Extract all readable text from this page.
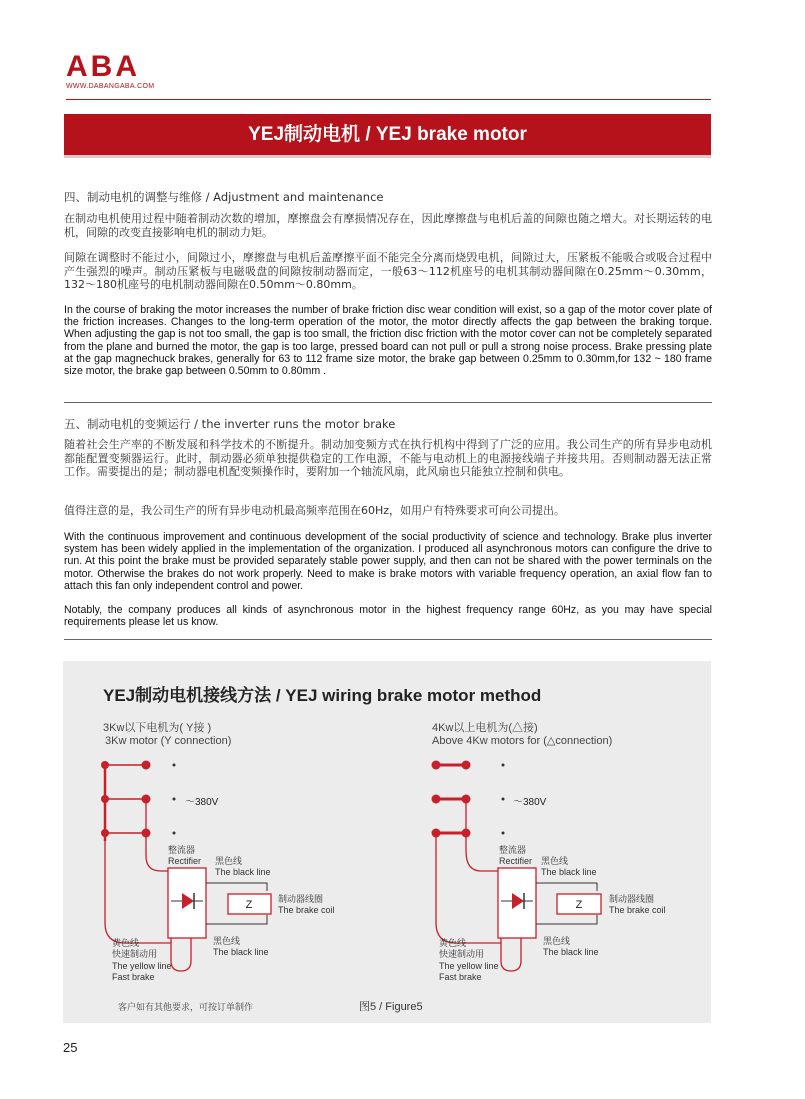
ABA
WWW.DABANGABA.COM
YEJ制动电机 / YEJ brake motor
四、制动电机的调整与维修 / Adjustment and maintenance

在制动电机使用过程中随着制动次数的增加，摩擦盘会有摩损情况存在，因此摩擦盘与电机后盖的间隙也随之增大。对长期运转的电机，间隙的改变直接影响电机的制动力矩。

间隙在调整时不能过小，间隙过小，摩擦盘与电机后盖摩擦平面不能完全分离而烧毁电机，间隙过大，压紧板不能吸合或吸合过程中产生强烈的噪声。制动压紧板与电磁吸盘的间隙按制动器而定，一般63～112机座号的电机其制动器间隙在0.25mm～0.30mm，132～180机座号的电机制动器间隙在0.50mm～0.80mm。

In the course of braking the motor increases the number of brake friction disc wear condition will exist, so a gap of the motor cover plate of the friction increases. Changes to the long-term operation of the motor, the motor directly affects the gap between the braking torque. When adjusting the gap is not too small, the gap is too small, the friction disc friction with the motor cover can not be completely separated from the plane and burned the motor, the gap is too large, pressed board can not pull or pull a strong noise process. Brake pressing plate at the gap magnechuck brakes, generally for 63 to 112 frame size motor, the brake gap between 0.25mm to 0.30mm,for 132 ~ 180 frame size motor, the brake gap between 0.50mm to 0.80mm .

五、制动电机的变频运行 / the inverter runs the motor brake

随着社会生产率的不断发展和科学技术的不断提升。制动加变频方式在执行机构中得到了广泛的应用。我公司生产的所有异步电动机都能配置变频器运行。此时，制动器必须单独提供稳定的工作电源，不能与电动机上的电源接线端子并接共用。否则制动器无法正常工作。需要提出的是；制动器电机配变频操作时，要附加一个轴流风扇，此风扇也只能独立控制和供电。

值得注意的是，我公司生产的所有异步电动机最高频率范围在60Hz，如用户有特殊要求可向公司提出。

With the continuous improvement and continuous development of the social productivity of science and technology. Brake plus inverter system has been widely applied in the implementation of the organization. I produced all asynchronous motors can configure the drive to run. At this point the brake must be provided separately stable power supply, and then can not be shared with the power terminals on the motor. Otherwise the brakes do not work properly. Need to make is brake motors with variable frequency operation, an axial flow fan to attach this fan only independent control and power.

Notably, the company produces all kinds of asynchronous motor in the highest frequency range 60Hz, as you may have special requirements please let us know.

YEJ制动电机接线方法 / YEJ wiring brake motor method
3Kw以下电机为( Y接 )
3Kw motor (Y connection)
～380V
整流器
Rectifier 黑色线
The black line
Z	制动器线圈
The brake coil
黄色线
快速制动用
The yellow line
Fast brake
黑色线
The black line
4Kw以上电机为(△接)
Above 4Kw motors for (△connection)
～380V
整流器
Rectifier 黑色线
The black line
Z	制动器线圈
The brake coil
黄色线
快速制动用
The yellow line
Fast brake
黑色线
The black line
客户如有其他要求，可按订单制作	图5 / Figure5
25
